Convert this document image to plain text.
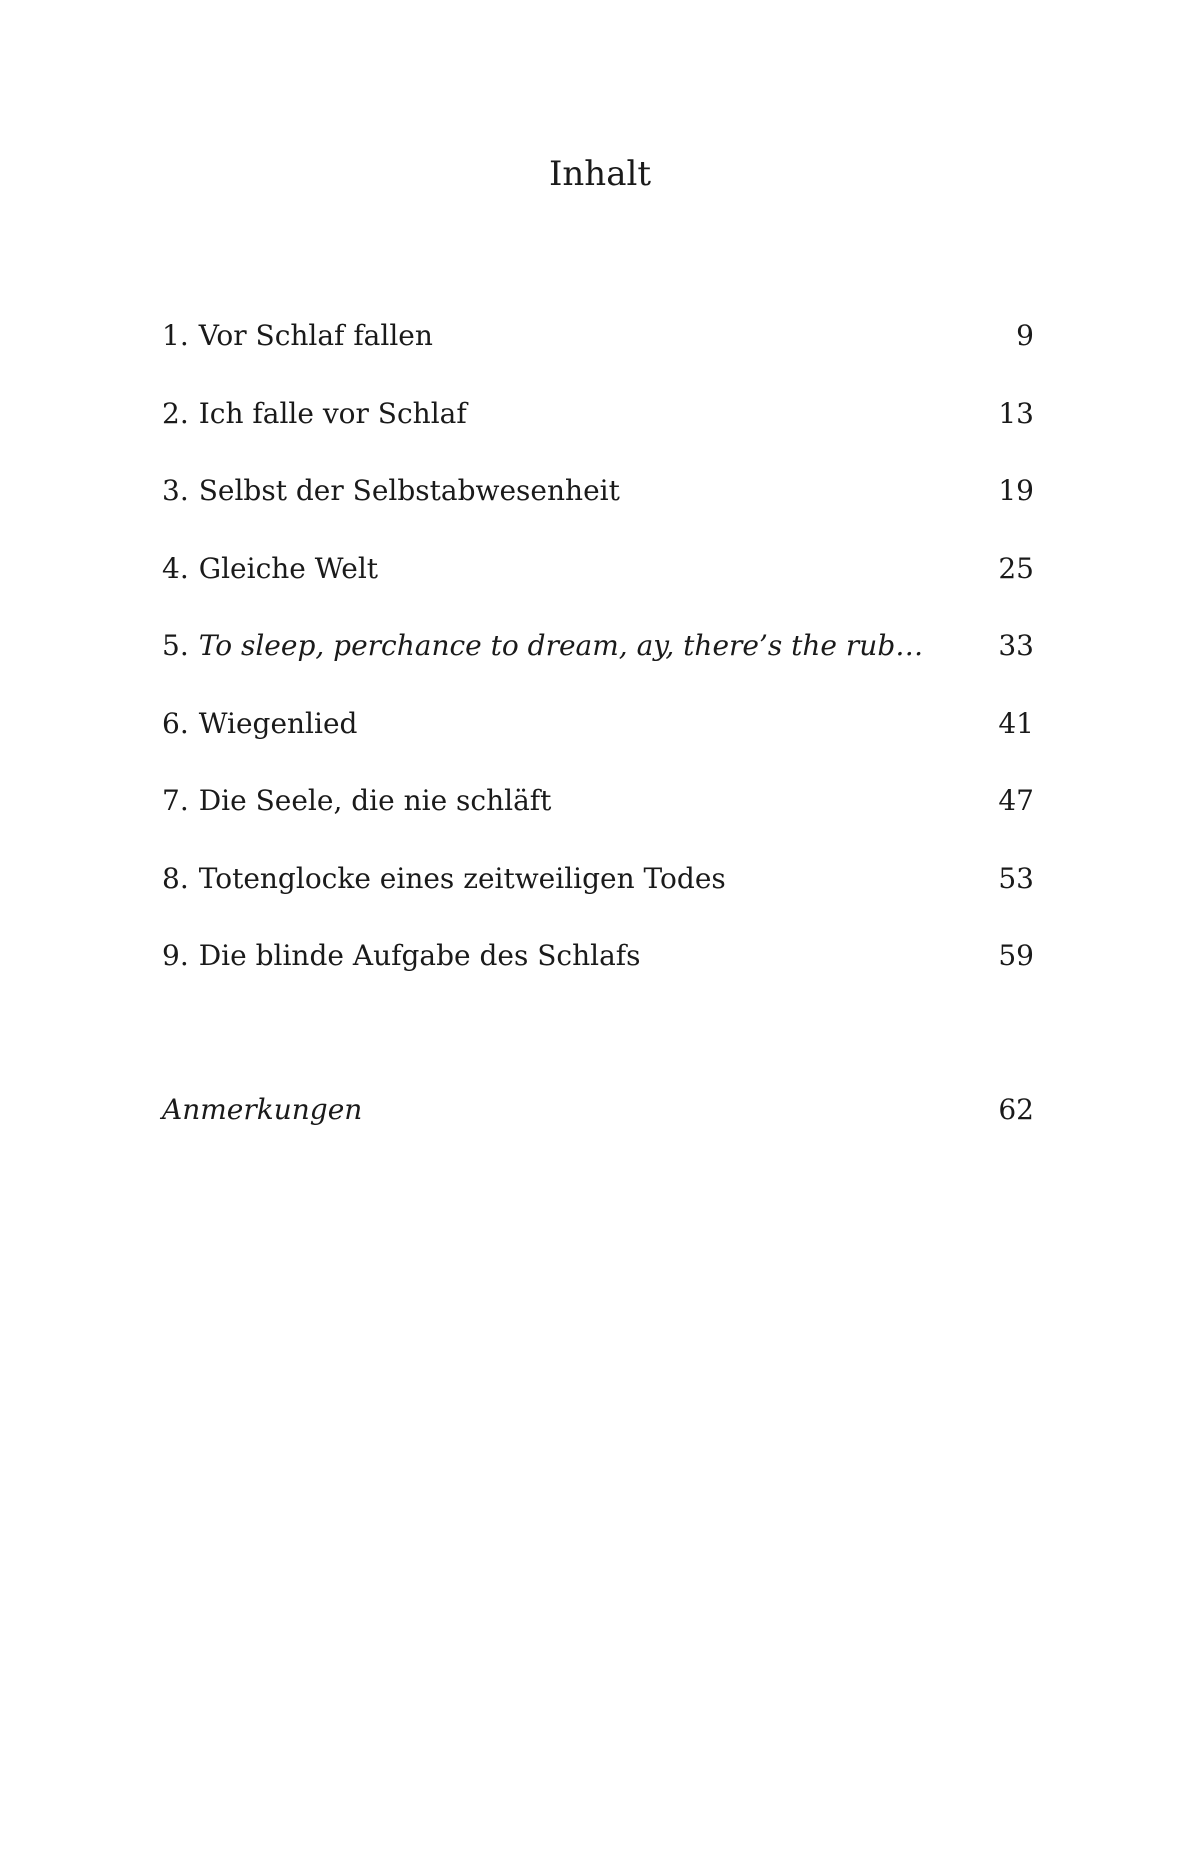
Inhalt
1. Vor Schlaf fallen	9
2. Ich falle vor Schlaf	13
3. Selbst der Selbstabwesenheit	19
4. Gleiche Welt	25
5. To sleep, perchance to dream, ay, there’s the rub…	33
6. Wiegenlied	41
7. Die Seele, die nie schläft	47
8. Totenglocke eines zeitweiligen Todes	53
9. Die blinde Aufgabe des Schlafs	59
Anmerkungen	62
